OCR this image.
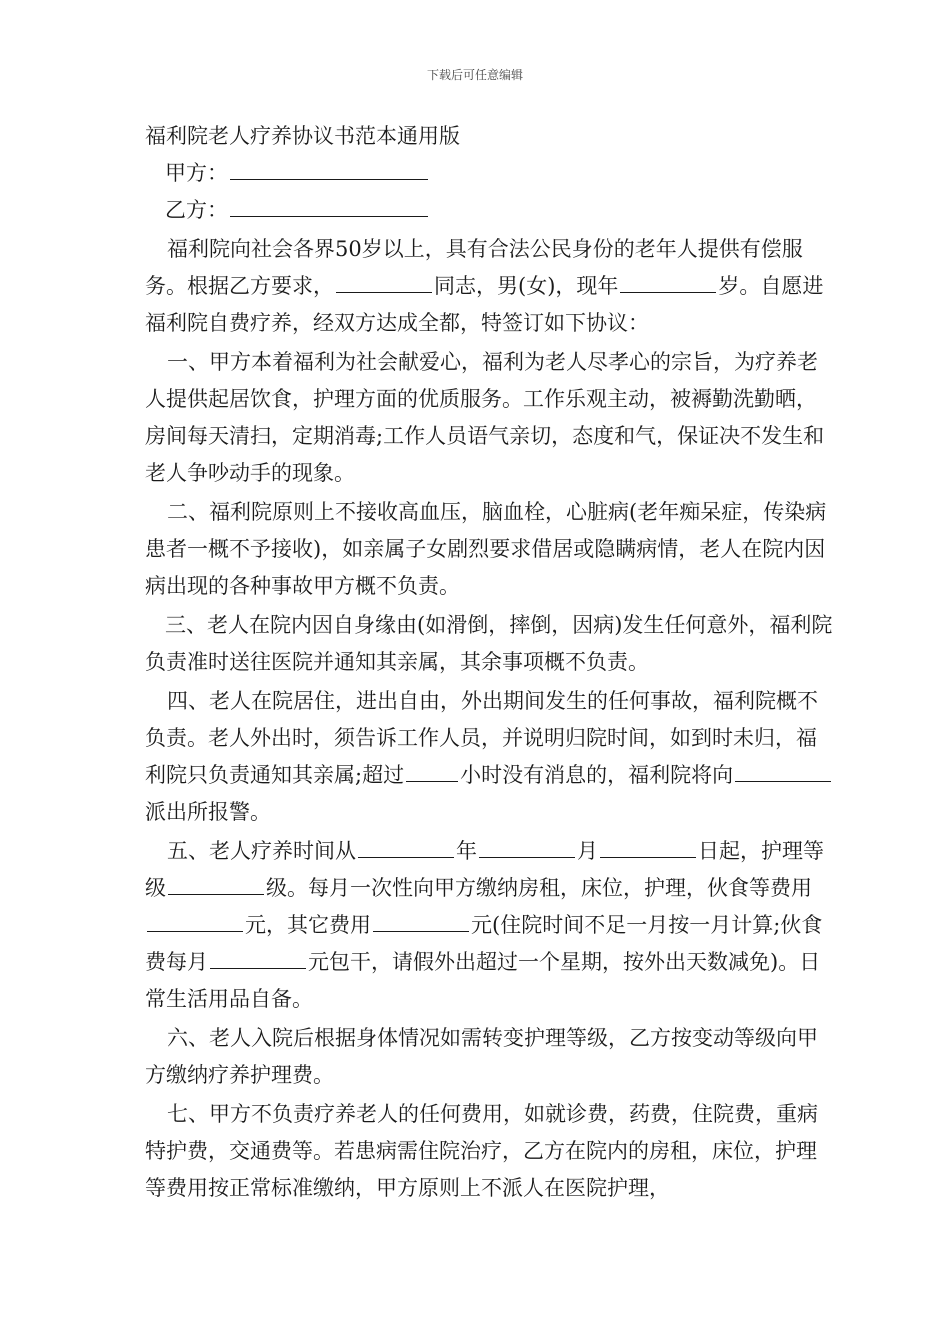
下载后可任意编辑
福利院老人疗养协议书范本通用版
甲方：
乙方：

福利院向社会各界50岁以上，具有合法公民身份的老年人提供有偿服务。根据乙方要求，	同志，男(女)，现年	岁。自愿进福利院自费疗养，经双方达成全都，特签订如下协议：

一、甲方本着福利为社会献爱心，福利为老人尽孝心的宗旨，为疗养老人提供起居饮食，护理方面的优质服务。工作乐观主动，被褥勤洗勤晒，房间每天清扫，定期消毒;工作人员语气亲切，态度和气，保证决不发生和老人争吵动手的现象。

二、福利院原则上不接收高血压，脑血栓，心脏病(老年痴呆症，传染病患者一概不予接收)，如亲属子女剧烈要求借居或隐瞒病情，老人在院内因病出现的各种事故甲方概不负责。

三、老人在院内因自身缘由(如滑倒，摔倒，因病)发生任何意外，福利院负责准时送往医院并通知其亲属，其余事项概不负责。

四、老人在院居住，进出自由，外出期间发生的任何事故，福利院概不负责。老人外出时，须告诉工作人员，并说明归院时间，如到时未归，福利院只负责通知其亲属;超过	小时没有消息的，福利院将向派出所报警。

五、老人疗养时间从	年	月	日起，护理等级	级。每月一次性向甲方缴纳房租，床位，护理，伙食等费用元，其它费用	元(住院时间不足一月按一月计算;伙食费每月	元包干，请假外出超过一个星期，按外出天数减免)。日常生活用品自备。

六、老人入院后根据身体情况如需转变护理等级，乙方按变动等级向甲方缴纳疗养护理费。

七、甲方不负责疗养老人的任何费用，如就诊费，药费，住院费，重病特护费，交通费等。若患病需住院治疗，乙方在院内的房租，床位，护理等费用按正常标准缴纳，甲方原则上不派人在医院护理，
